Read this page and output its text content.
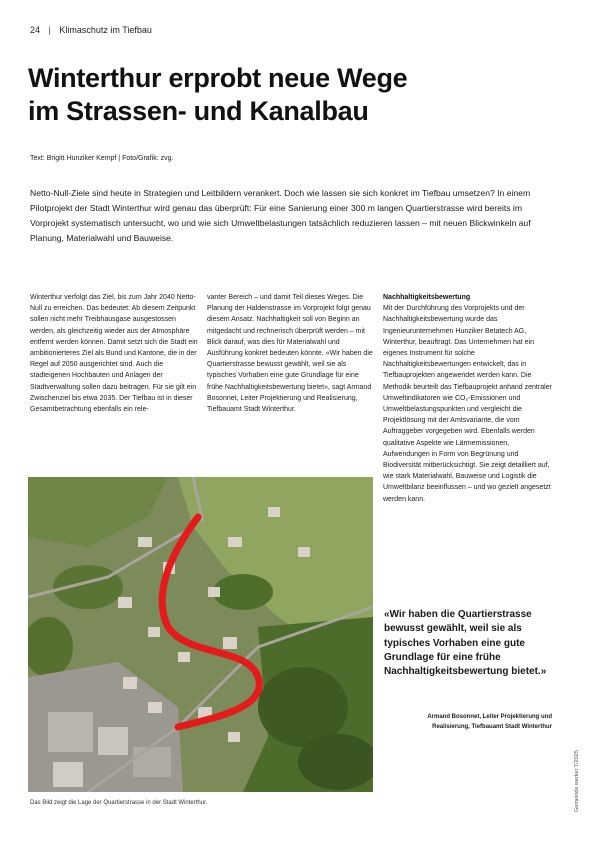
24 | Klimaschutz im Tiefbau
Winterthur erprobt neue Wege
im Strassen- und Kanalbau
Text: Brigitt Hunziker Kempf | Foto/Grafik: zvg.
Netto-Null-Ziele sind heute in Strategien und Leitbildern verankert. Doch wie lassen sie sich konkret im Tiefbau umsetzen? In einem Pilotprojekt der Stadt Winterthur wird genau das überprüft: Für eine Sanierung einer 300 m langen Quartierstrasse wird bereits im Vorprojekt systematisch untersucht, wo und wie sich Umweltbelastungen tatsächlich reduzieren lassen – mit neuen Blickwinkeln auf Planung, Materialwahl und Bauweise.
Winterthur verfolgt das Ziel, bis zum Jahr 2040 Netto-Null zu erreichen. Das bedeutet: Ab diesem Zeitpunkt sollen nicht mehr Treibhausgase ausgestossen werden, als gleichzeitig wieder aus der Atmosphäre entfernt werden können. Damit setzt sich die Stadt ein ambitionierteres Ziel als Bund und Kantone, die in der Regel auf 2050 ausgerichtet sind. Auch die stadteigenen Hochbauten und Anlagen der Stadtverwaltung sollen dazu beitragen. Für sie gilt ein Zwischenziel bis etwa 2035. Der Tiefbau ist in dieser Gesamtbetrachtung ebenfalls ein rele-
vanter Bereich – und damit Teil dieses Weges. Die Planung der Haldenstrasse im Vorprojekt folgt genau diesem Ansatz. Nachhaltigkeit soll von Beginn an mitgedacht und rechnerisch überprüft werden – mit Blick darauf, was dies für Materialwahl und Ausführung konkret bedeuten könnte. «Wir haben die Quartierstrasse bewusst gewählt, weil sie als typisches Vorhaben eine gute Grundlage für eine frühe Nachhaltigkeitsbewertung bietet», sagt Armand Bosonnet, Leiter Projektierung und Realisierung, Tiefbauamt Stadt Winterthur.
Nachhaltigkeitsbewertung
Mit der Durchführung des Vorprojekts und der Nachhaltigkeitsbewertung wurde das Ingenieurunternehmen Hunziker Betatech AG, Winterthur, beauftragt. Das Unternehmen hat ein eigenes Instrument für solche Nachhaltigkeitsbewertungen entwickelt, das in Tiefbauprojekten angewendet werden kann. Die Methodik beurteilt das Tiefbauprojekt anhand zentraler Umweltindikatoren wie CO₂-Emissionen und Umweltbelastungspunkten und vergleicht die Projektlösung mit der Amtsvariante, die vom Auftraggeber vorgegeben wird. Ebenfalls werden qualitative Aspekte wie Lärmemissionen, Aufwendungen in Form von Begrünung und Biodiversität mitberücksichtigt. Sie zeigt detailliert auf, wie stark Materialwahl, Bauweise und Logistik die Umweltbilanz beeinflussen – und wo gezielt angesetzt werden kann.
Das Bild zeigt die Lage der Quartierstrasse in der Stadt Winterthur.
«Wir haben die Quartierstrasse bewusst gewählt, weil sie als typisches Vorhaben eine gute Grundlage für eine frühe Nachhaltigkeitsbewertung bietet.»
Armand Bosonnet, Leiter Projektierung und
Realisierung, Tiefbauamt Stadt Winterthur
Gemeinde werker 7/2025
